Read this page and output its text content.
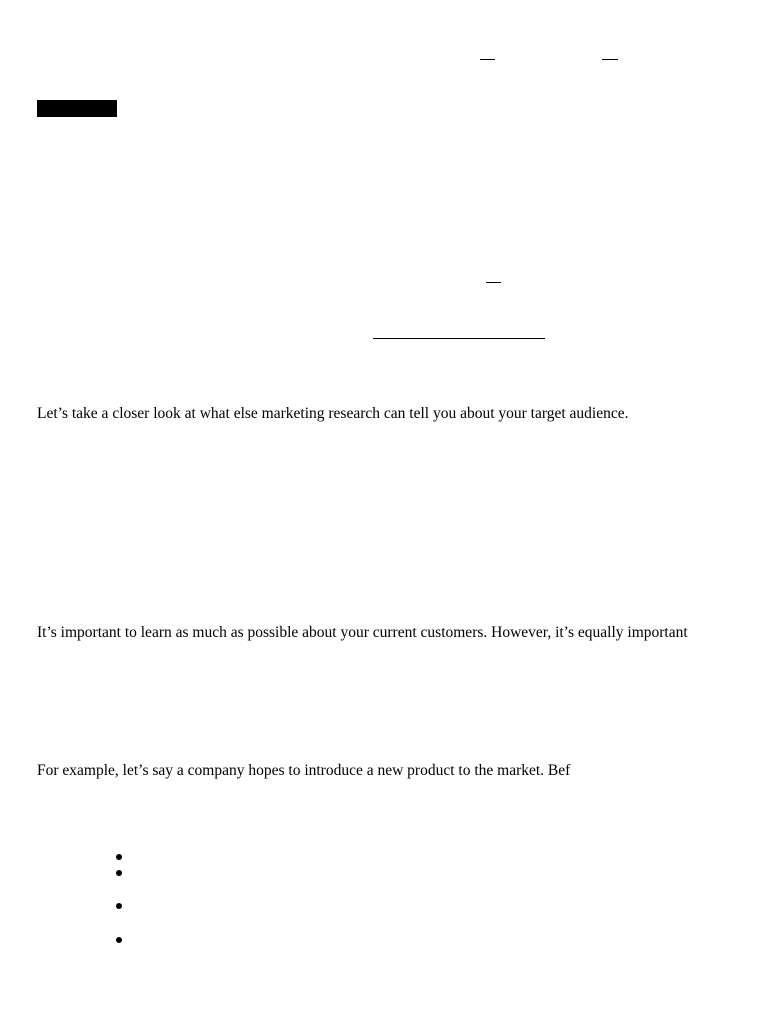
Let’s take a closer look at what else marketing research can tell you about your target audience.

It’s important to learn as much as possible about your current customers. However, it’s equally important

For example, let’s say a company hopes to introduce a new product to the market. Bef
